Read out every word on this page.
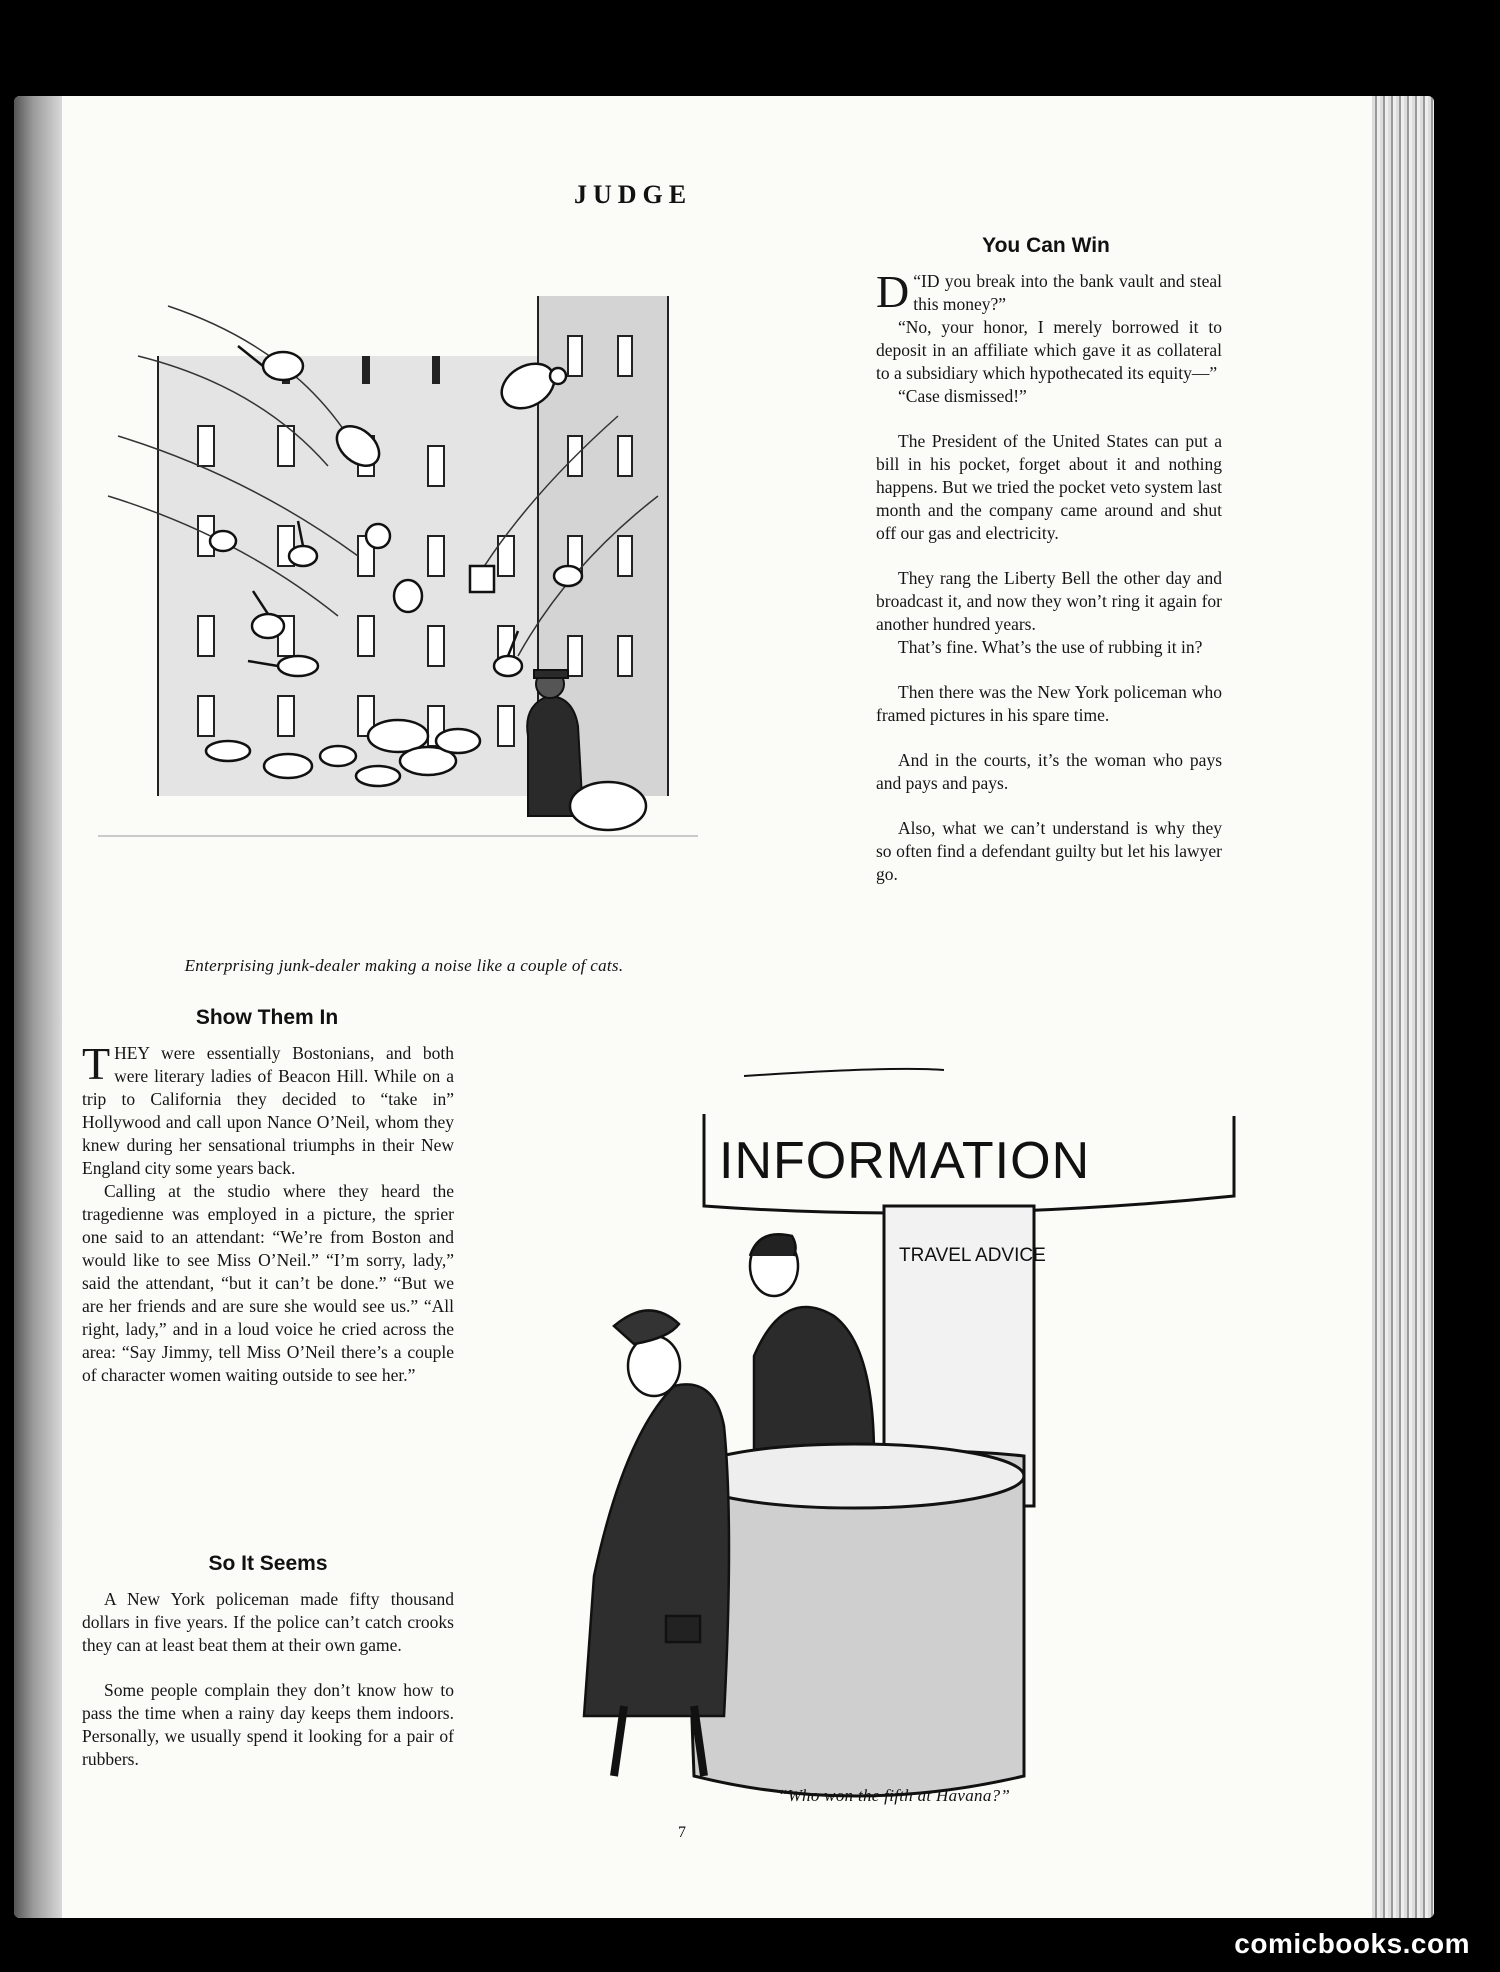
JUDGE
Enterprising junk-dealer making a noise like a couple of cats.
You Can Win

“
D ID you break into the bank vault and steal this money?”

“No, your honor, I merely borrowed it to deposit in an affiliate which gave it as collateral to a subsidiary which hypothecated its equity—”

“Case dismissed!”

The President of the United States can put a bill in his pocket, forget about it and nothing happens. But we tried the pocket veto system last month and the company came around and shut off our gas and electricity.

They rang the Liberty Bell the other day and broadcast it, and now they won’t ring it again for another hundred years.

That’s fine. What’s the use of rubbing it in?

Then there was the New York policeman who framed pictures in his spare time.

And in the courts, it’s the woman who pays and pays and pays.

Also, what we can’t understand is why they so often find a defendant guilty but let his lawyer go.

Show Them In

THEY were essentially Bostonians, and both were literary ladies of Beacon Hill. While on a trip to California they decided to “take in” Hollywood and call upon Nance O’Neil, whom they knew during her sensational triumphs in their New England city some years back.

Calling at the studio where they heard the tragedienne was employed in a picture, the sprier one said to an attendant: “We’re from Boston and would like to see Miss O’Neil.” “I’m sorry, lady,” said the attendant, “but it can’t be done.” “But we are her friends and are sure she would see us.” “All right, lady,” and in a loud voice he cried across the area: “Say Jimmy, tell Miss O’Neil there’s a couple of character women waiting outside to see her.”

So It Seems

A New York policeman made fifty thousand dollars in five years. If the police can’t catch crooks they can at least beat them at their own game.

Some people complain they don’t know how to pass the time when a rainy day keeps them indoors. Personally, we usually spend it looking for a pair of rubbers.

INFORMATION
TRAVEL ADVICE
“Who won the fifth at Havana?”
7
comicbooks.com
